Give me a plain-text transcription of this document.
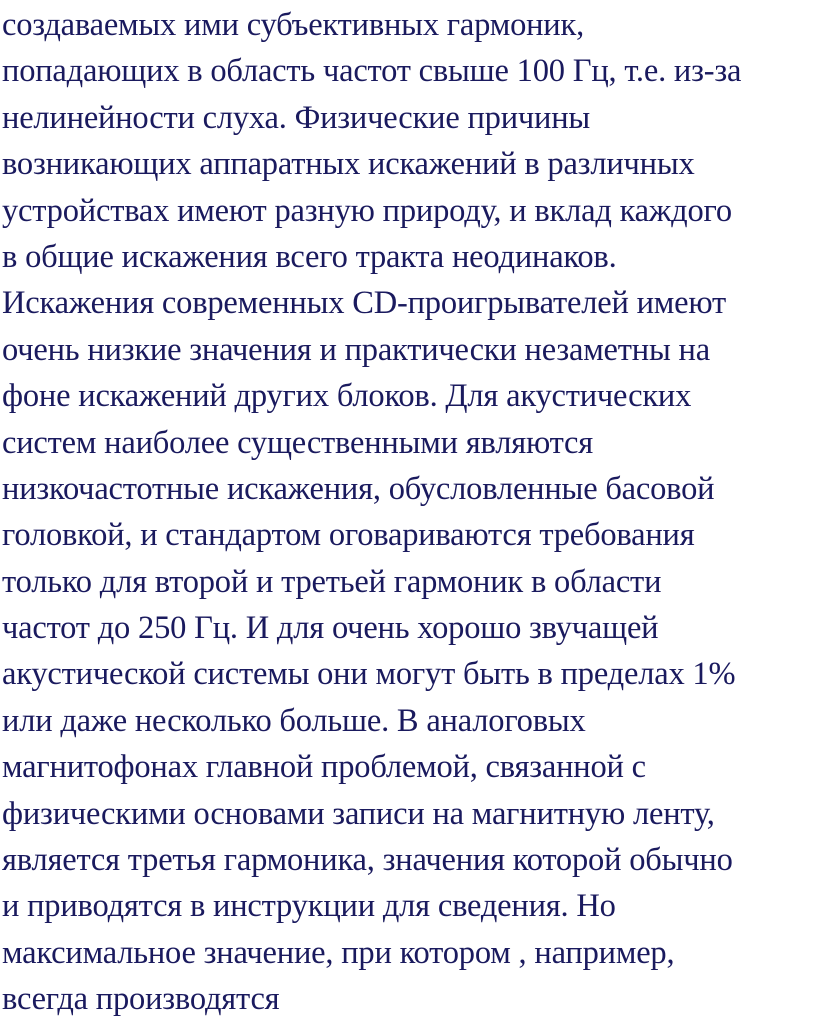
создаваемых ими субъективных гармоник,
попадающих в область частот свыше 100 Гц, т.е. из-за
нелинейности слуха. Физические причины
возникающих аппаратных искажений в различных
устройствах имеют разную природу, и вклад каждого
в общие искажения всего тракта неодинаков.
Искажения современных CD-проигрывателей имеют
очень низкие значения и практически незаметны на
фоне искажений других блоков. Для акустических
систем наиболее существенными являются
низкочастотные искажения, обусловленные басовой
головкой, и стандартом оговариваются требования
только для второй и третьей гармоник в области
частот до 250 Гц. И для очень хорошо звучащей
акустической системы они могут быть в пределах 1%
или даже несколько больше. В аналоговых
магнитофонах главной проблемой, связанной с
физическими основами записи на магнитную ленту,
является третья гармоника, значения которой обычно
и приводятся в инструкции для сведения. Но
максимальное значение, при котором , например,
всегда производятся
